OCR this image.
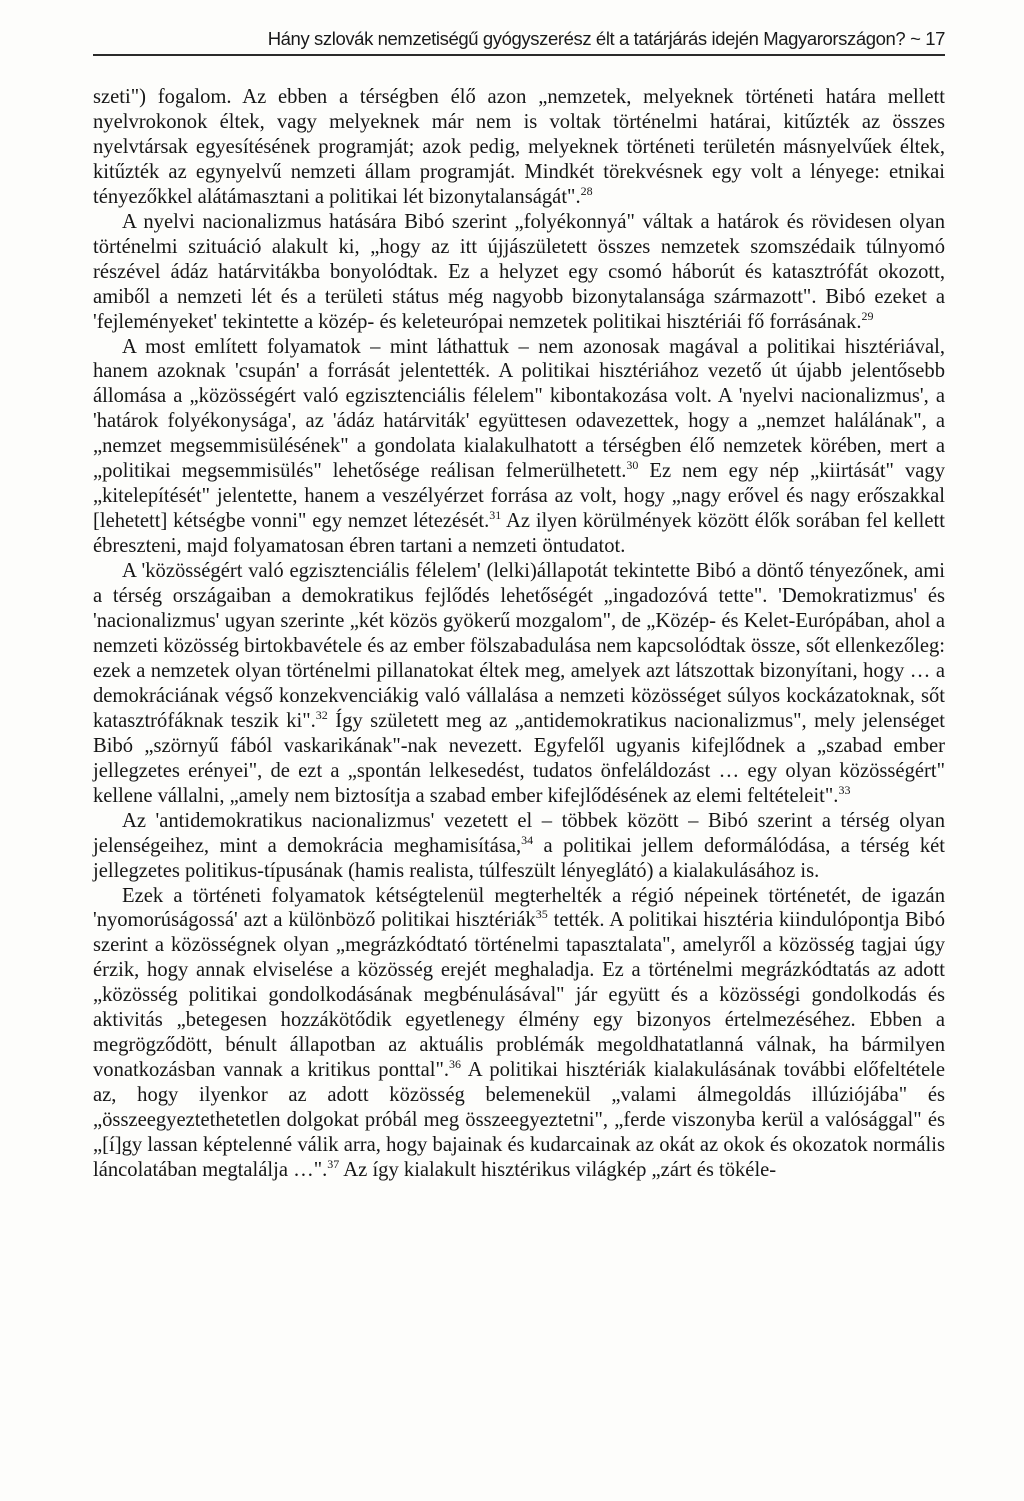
Hány szlovák nemzetiségű gyógyszerész élt a tatárjárás idején Magyarországon? ~ 17

szeti") fogalom. Az ebben a térségben élő azon „nemzetek, melyeknek történeti határa mellett nyelvrokonok éltek, vagy melyeknek már nem is voltak történelmi határai, kitűzték az összes nyelvtársak egyesítésének programját; azok pedig, melyeknek történeti területén másnyelvűek éltek, kitűzték az egynyelvű nemzeti állam programját. Mindkét törekvésnek egy volt a lényege: etnikai tényezőkkel alátámasztani a politikai lét bizonytalanságát".$^{28}$

A nyelvi nacionalizmus hatására Bibó szerint „folyékonnyá" váltak a határok és rövidesen olyan történelmi szituáció alakult ki, „hogy az itt újjászületett összes nemzetek szomszédaik túlnyomó részével ádáz határvitákba bonyolódtak. Ez a helyzet egy csomó háborút és katasztrófát okozott, amiből a nemzeti lét és a területi státus még nagyobb bizonytalansága származott". Bibó ezeket a 'fejleményeket' tekintette a közép- és keleteurópai nemzetek politikai hisztériái fő forrásának.$^{29}$

A most említett folyamatok – mint láthattuk – nem azonosak magával a politikai hisztériával, hanem azoknak 'csupán' a forrását jelentették. A politikai hisztériához vezető út újabb jelentősebb állomása a „közösségért való egzisztenciális félelem" kibontakozása volt. A 'nyelvi nacionalizmus', a 'határok folyékonysága', az 'ádáz határviták' együttesen odavezettek, hogy a „nemzet halálának", a „nemzet megsemmisülésének" a gondolata kialakulhatott a térségben élő nemzetek körében, mert a „politikai megsemmisülés" lehetősége reálisan felmerülhetett.$^{30}$ Ez nem egy nép „kiirtását" vagy „kitelepítését" jelentette, hanem a veszélyérzet forrása az volt, hogy „nagy erővel és nagy erőszakkal [lehetett] kétségbe vonni" egy nemzet létezését.$^{31}$ Az ilyen körülmények között élők sorában fel kellett ébreszteni, majd folyamatosan ébren tartani a nemzeti öntudatot.

A 'közösségért való egzisztenciális félelem' (lelki)állapotát tekintette Bibó a döntő tényezőnek, ami a térség országaiban a demokratikus fejlődés lehetőségét „ingadozóvá tette". 'Demokratizmus' és 'nacionalizmus' ugyan szerinte „két közös gyökerű mozgalom", de „Közép- és Kelet-Európában, ahol a nemzeti közösség birtokbavétele és az ember fölszabadulása nem kapcsolódtak össze, sőt ellenkezőleg: ezek a nemzetek olyan történelmi pillanatokat éltek meg, amelyek azt látszottak bizonyítani, hogy … a demokráciának végső konzekvenciákig való vállalása a nemzeti közösséget súlyos kockázatoknak, sőt katasztrófáknak teszik ki".$^{32}$ Így született meg az „antidemokratikus nacionalizmus", mely jelenséget Bibó „szörnyű fából vaskarikának"-nak nevezett. Egyfelől ugyanis kifejlődnek a „szabad ember jellegzetes erényei", de ezt a „spontán lelkesedést, tudatos önfeláldozást … egy olyan közösségért" kellene vállalni, „amely nem biztosítja a szabad ember kifejlődésének az elemi feltételeit".$^{33}$

Az 'antidemokratikus nacionalizmus' vezetett el – többek között – Bibó szerint a térség olyan jelenségeihez, mint a demokrácia meghamisítása,$^{34}$ a politikai jellem deformálódása, a térség két jellegzetes politikus-típusának (hamis realista, túlfeszült lényeglátó) a kialakulásához is.

Ezek a történeti folyamatok kétségtelenül megterhelték a régió népeinek történetét, de igazán 'nyomorúságossá' azt a különböző politikai hisztériák$^{35}$ tették. A politikai hisztéria kiindulópontja Bibó szerint a közösségnek olyan „megrázkódtató történelmi tapasztalata", amelyről a közösség tagjai úgy érzik, hogy annak elviselése a közösség erejét meghaladja. Ez a történelmi megrázkódtatás az adott „közösség politikai gondolkodásának megbénulásával" jár együtt és a közösségi gondolkodás és aktivitás „betegesen hozzákötődik egyetlenegy élmény egy bizonyos értelmezéséhez. Ebben a megrögződött, bénult állapotban az aktuális problémák megoldhatatlanná válnak, ha bármilyen vonatkozásban vannak a kritikus ponttal".$^{36}$ A politikai hisztériák kialakulásának további előfeltétele az, hogy ilyenkor az adott közösség belemenekül „valami álmegoldás illúziójába" és „összeegyeztethetetlen dolgokat próbál meg összeegyeztetni", „ferde viszonyba kerül a valósággal" és „[í]gy lassan képtelenné válik arra, hogy bajainak és kudarcainak az okát az okok és okozatok normális láncolatában megtalálja …".$^{37}$ Az így kialakult hisztérikus világkép „zárt és tökéle-
